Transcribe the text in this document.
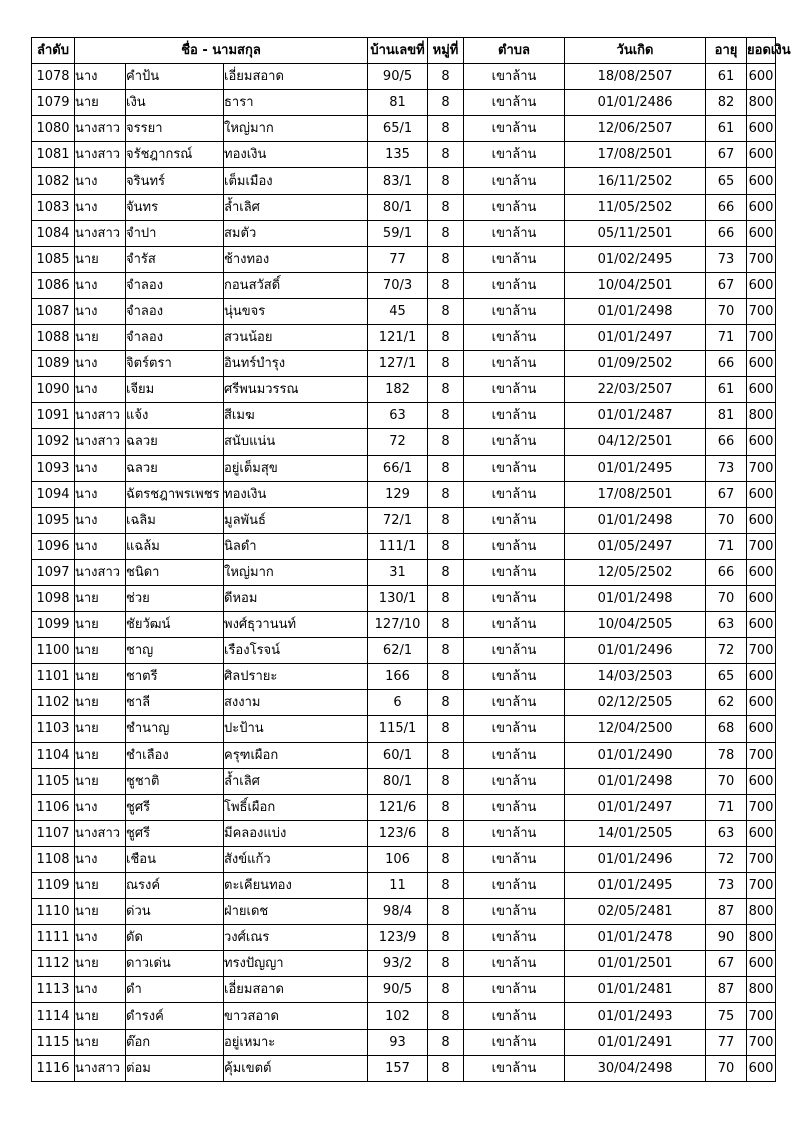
ลำดับ	ชื่อ - นามสกุล			บ้านเลขที่	หมู่ที่	ตำบล	วันเกิด	อายุ	ยอดเงิน
1078	นาง	คำป้น	เอี่ยมสอาด	90/5	8	เขาล้าน	18/08/2507	61	600
1079	นาย	เงิน	ธารา	81	8	เขาล้าน	01/01/2486	82	800
1080	นางสาว	จรรยา	ใหญ่มาก	65/1	8	เขาล้าน	12/06/2507	61	600
1081	นางสาว	จรัชฎากรณ์	ทองเงิน	135	8	เขาล้าน	17/08/2501	67	600
1082	นาง	จรินทร์	เต็มเมือง	83/1	8	เขาล้าน	16/11/2502	65	600
1083	นาง	จันทร	ล้ำเลิศ	80/1	8	เขาล้าน	11/05/2502	66	600
1084	นางสาว	จำปา	สมตัว	59/1	8	เขาล้าน	05/11/2501	66	600
1085	นาย	จำรัส	ช้างทอง	77	8	เขาล้าน	01/02/2495	73	700
1086	นาง	จำลอง	กอนสวัสดิ์	70/3	8	เขาล้าน	10/04/2501	67	600
1087	นาง	จำลอง	นุ่นขจร	45	8	เขาล้าน	01/01/2498	70	700
1088	นาย	จำลอง	สวนน้อย	121/1	8	เขาล้าน	01/01/2497	71	700
1089	นาง	จิตร์ตรา	อินทร์บำรุง	127/1	8	เขาล้าน	01/09/2502	66	600
1090	นาง	เจียม	ศรีพนมวรรณ	182	8	เขาล้าน	22/03/2507	61	600
1091	นางสาว	แจ้ง	สีเมฆ	63	8	เขาล้าน	01/01/2487	81	800
1092	นางสาว	ฉลวย	สนับแน่น	72	8	เขาล้าน	04/12/2501	66	600
1093	นาง	ฉลวย	อยู่เต็มสุข	66/1	8	เขาล้าน	01/01/2495	73	700
1094	นาง	ฉัตรชฎาพรเพชร	ทองเงิน	129	8	เขาล้าน	17/08/2501	67	600
1095	นาง	เฉลิม	มูลพันธ์	72/1	8	เขาล้าน	01/01/2498	70	600
1096	นาง	แฉล้ม	นิลดำ	111/1	8	เขาล้าน	01/05/2497	71	700
1097	นางสาว	ชนิดา	ใหญ่มาก	31	8	เขาล้าน	12/05/2502	66	600
1098	นาย	ช่วย	ดีหอม	130/1	8	เขาล้าน	01/01/2498	70	600
1099	นาย	ชัยวัฒน์	พงศ์ธุวานนท์	127/10	8	เขาล้าน	10/04/2505	63	600
1100	นาย	ชาญ	เรืองโรจน์	62/1	8	เขาล้าน	01/01/2496	72	700
1101	นาย	ชาตรี	ศิลปรายะ	166	8	เขาล้าน	14/03/2503	65	600
1102	นาย	ชาลี	สงงาม	6	8	เขาล้าน	02/12/2505	62	600
1103	นาย	ชำนาญ	ปะป้าน	115/1	8	เขาล้าน	12/04/2500	68	600
1104	นาย	ชำเลือง	ครุฑเผือก	60/1	8	เขาล้าน	01/01/2490	78	700
1105	นาย	ชูชาติ	ล้ำเลิศ	80/1	8	เขาล้าน	01/01/2498	70	600
1106	นาง	ชูศรี	โพธิ์เผือก	121/6	8	เขาล้าน	01/01/2497	71	700
1107	นางสาว	ชูศรี	มีคลองแบ่ง	123/6	8	เขาล้าน	14/01/2505	63	600
1108	นาง	เชือน	สังข์แก้ว	106	8	เขาล้าน	01/01/2496	72	700
1109	นาย	ณรงค์	ตะเคียนทอง	11	8	เขาล้าน	01/01/2495	73	700
1110	นาย	ด่วน	ฝ่ายเดช	98/4	8	เขาล้าน	02/05/2481	87	800
1111	นาง	ดัด	วงศ์เณร	123/9	8	เขาล้าน	01/01/2478	90	800
1112	นาย	ดาวเด่น	ทรงปัญญา	93/2	8	เขาล้าน	01/01/2501	67	600
1113	นาง	ดำ	เอี่ยมสอาด	90/5	8	เขาล้าน	01/01/2481	87	800
1114	นาย	ดำรงค์	ขาวสอาด	102	8	เขาล้าน	01/01/2493	75	700
1115	นาย	ต๊อก	อยู่เหมาะ	93	8	เขาล้าน	01/01/2491	77	700
1116	นางสาว	ต่อม	คุ้มเขตต์	157	8	เขาล้าน	30/04/2498	70	600
